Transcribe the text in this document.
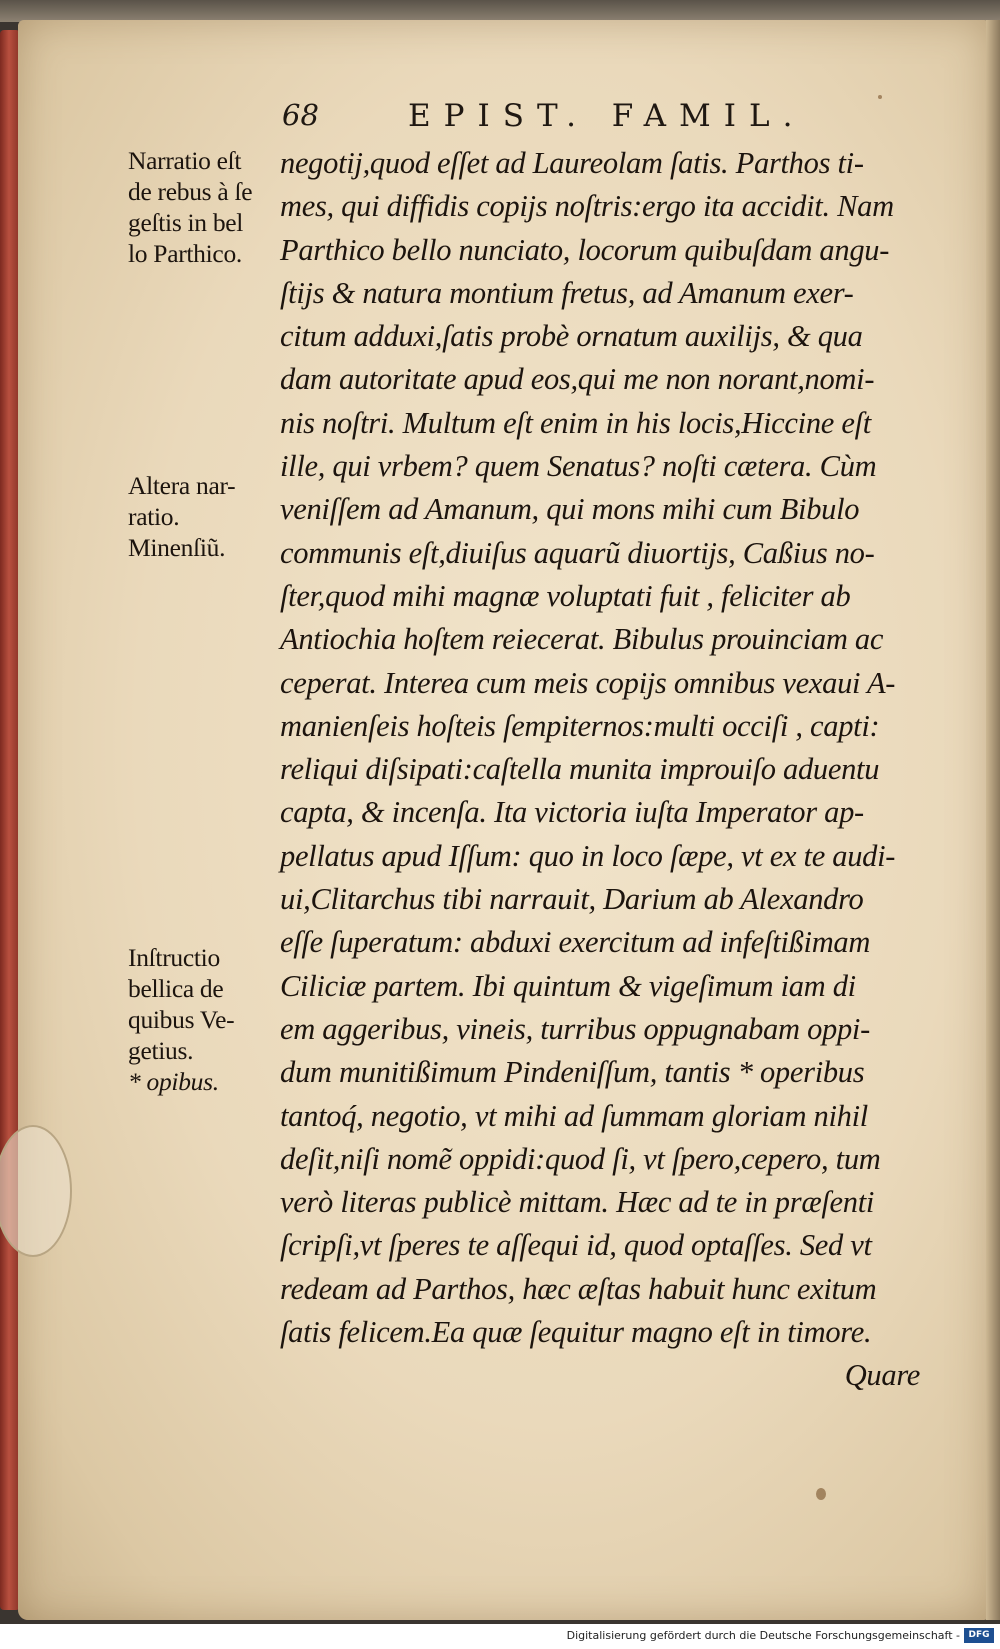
68	EPIST. FAMIL.
Narratio eſt
de rebus à ſe
geſtis in bel
lo Parthico.
Altera nar-
ratio.
Minenſiũ.
Inſtructio
bellica de
quibus Ve-
getius.
* opibus.
negotij,quod eſſet ad Laureolam ſatis. Parthos ti-
mes, qui diffidis copijs noſtris:ergo ita accidit. Nam
Parthico bello nunciato, locorum quibuſdam angu-
ſtijs & natura montium fretus, ad Amanum exer-
citum adduxi,ſatis probè ornatum auxilijs, & qua
dam autoritate apud eos,qui me non norant,nomi-
nis noſtri. Multum eſt enim in his locis,Hiccine eſt
ille, qui vrbem? quem Senatus? noſti cætera. Cùm
veniſſem ad Amanum, qui mons mihi cum Bibulo
communis eſt,diuiſus aquarũ diuortijs, Caßius no-
ſter,quod mihi magnæ voluptati fuit , feliciter ab
Antiochia hoſtem reiecerat. Bibulus prouinciam ac
ceperat. Interea cum meis copijs omnibus vexaui A-
manienſeis hoſteis ſempiternos:multi occiſi , capti:
reliqui diſsipati:caſtella munita improuiſo aduentu
capta, & incenſa. Ita victoria iuſta Imperator ap-
pellatus apud Iſſum: quo in loco ſæpe, vt ex te audi-
ui,Clitarchus tibi narrauit, Darium ab Alexandro
eſſe ſuperatum: abduxi exercitum ad infeſtißimam
Ciliciæ partem. Ibi quintum & vigeſimum iam di
em aggeribus, vineis, turribus oppugnabam oppi-
dum munitißimum Pindeniſſum, tantis * operibus
tantoq́, negotio, vt mihi ad ſummam gloriam nihil
deſit,niſi nomẽ oppidi:quod ſi, vt ſpero,cepero, tum
verò literas publicè mittam. Hæc ad te in præſenti
ſcripſi,vt ſperes te aſſequi id, quod optaſſes. Sed vt
redeam ad Parthos, hæc æſtas habuit hunc exitum
ſatis felicem.Ea quæ ſequitur magno eſt in timore.
Quare
Digitalisierung gefördert durch die Deutsche Forschungsgemeinschaft - DFG
